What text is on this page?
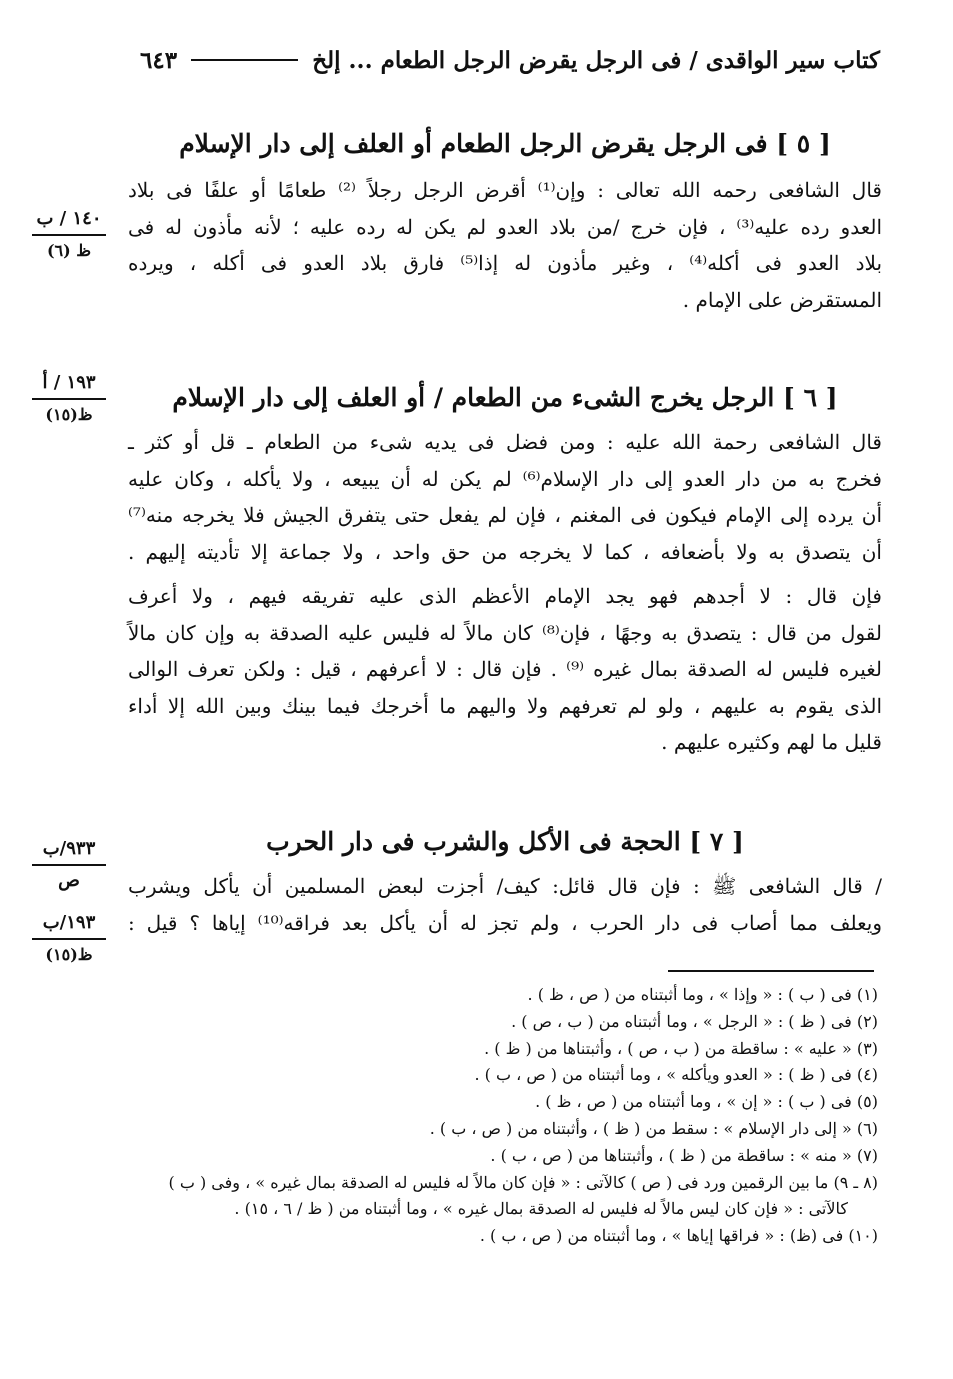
كتاب سير الواقدى / فى الرجل يقرض الرجل الطعام ... إلخ
٦٤٣
[ ٥ ] فى الرجل يقرض الرجل الطعام أو العلف إلى دار الإسلام
قال الشافعى رحمه الله تعالى : وإن⁽¹⁾ أقرض الرجل رجلاً ⁽²⁾ طعامًا أو علفًا فى بلاد
العدو رده عليه⁽³⁾ ، فإن خرج /من بلاد العدو لم يكن له رده عليه ؛ لأنه مأذون له فى
بلاد العدو فى أكله⁽⁴⁾ ، وغير مأذون له إذا⁽⁵⁾ فارق بلاد العدو فى أكله ، ويرده
المستقرض على الإمام .
[ ٦ ] الرجل يخرج الشىء من الطعام / أو العلف إلى دار الإسلام
قال الشافعى رحمة الله عليه : ومن فضل فى يديه شىء من الطعام ـ قل أو كثر ـ
فخرج به من دار العدو إلى دار الإسلام⁽⁶⁾ لم يكن له أن يبيعه ، ولا يأكله ، وكان عليه
أن يرده إلى الإمام فيكون فى المغنم ، فإن لم يفعل حتى يتفرق الجيش فلا يخرجه منه⁽⁷⁾
أن يتصدق به ولا بأضعافه ، كما لا يخرجه من حق واحد ، ولا جماعة إلا تأديته إليهم .
فإن قال : لا أجدهم فهو يجد الإمام الأعظم الذى عليه تفريقه فيهم ، ولا أعرف
لقول من قال : يتصدق به وجهًا ، فإن⁽⁸⁾ كان مالاً له فليس عليه الصدقة به وإن كان مالاً
لغيره فليس له الصدقة بمال غيره ⁽⁹⁾ . فإن قال : لا أعرفهم ، قيل : ولكن تعرف الوالى
الذى يقوم به عليهم ، ولو لم تعرفهم ولا واليهم ما أخرجك فيما بينك وبين الله إلا أداء
قليل ما لهم وكثيره عليهم .
[ ٧ ] الحجة فى الأكل والشرب فى دار الحرب
/ قال الشافعى ﷺ : فإن قال قائل: كيف/ أجزت لبعض المسلمين أن يأكل ويشرب
ويعلف مما أصاب فى دار الحرب ، ولم تجز له أن يأكل بعد فراقه⁽¹⁰⁾ إياها ؟ قيل :
١٤٠ / ب
ظ (٦)
١٩٣ / أ
ظ(١٥)
٩٣٣/ب
ص
١٩٣/ب
ظ(١٥)
(١) فى ( ب ) : « وإذا » ، وما أثبتناه من ( ص ، ظ ) .
(٢) فى ( ظ ) : « الرجل » ، وما أثبتناه من ( ب ، ص ) .
(٣) « عليه » : ساقطة من ( ب ، ص ) ، وأثبتناها من ( ظ ) .
(٤) فى ( ظ ) : « العدو ويأكله » ، وما أثبتناه من ( ص ، ب ) .
(٥) فى ( ب ) : « إن » ، وما أثبتناه من ( ص ، ظ ) .
(٦) « إلى دار الإسلام » : سقط من ( ظ ) ، وأثبتناه من ( ص ، ب ) .
(٧) « منه » : ساقطة من ( ظ ) ، وأثبتناها من ( ص ، ب ) .
(٨ ـ ٩) ما بين الرقمين ورد فى ( ص ) كالآتى : « فإن كان مالاً له فليس له الصدقة بمال غيره » ، وفى ( ب )
كالآتى : « فإن كان ليس مالاً له فليس له الصدقة بمال غيره » ، وما أثبتناه من ( ظ / ٦ ، ١٥) .
(١٠) فى (ظ) : « فراقها إياها » ، وما أثبتناه من ( ص ، ب ) .
